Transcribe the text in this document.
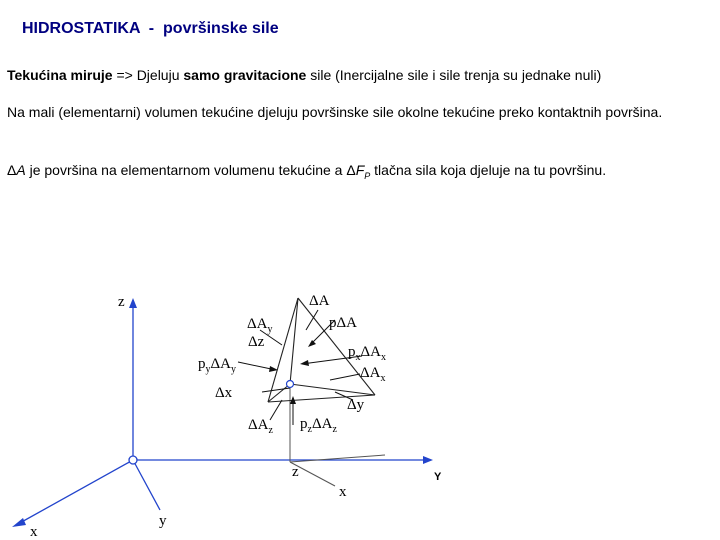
HIDROSTATIKA  -  površinske sile
Tekućina miruje => Djeluju samo gravitacione sile (Inercijalne sile i sile trenja su jednake nuli)
Na mali (elementarni) volumen tekućine djeluju površinske sile okolne tekućine preko kontaktnih površina.
ΔA je površina na elementarnom volumenu tekućine a $\Delta F_P$ tlačna sila koja djeluje na tu površinu.
z
x
y
Y
z
x
ΔA
$\Delta A_y$
Δz
pΔA
$p_x\Delta A_x$
$p_y\Delta A_y$	$\Delta A_x$
Δx
Δy
$\Delta A_z$ $p_z\Delta A_z$
